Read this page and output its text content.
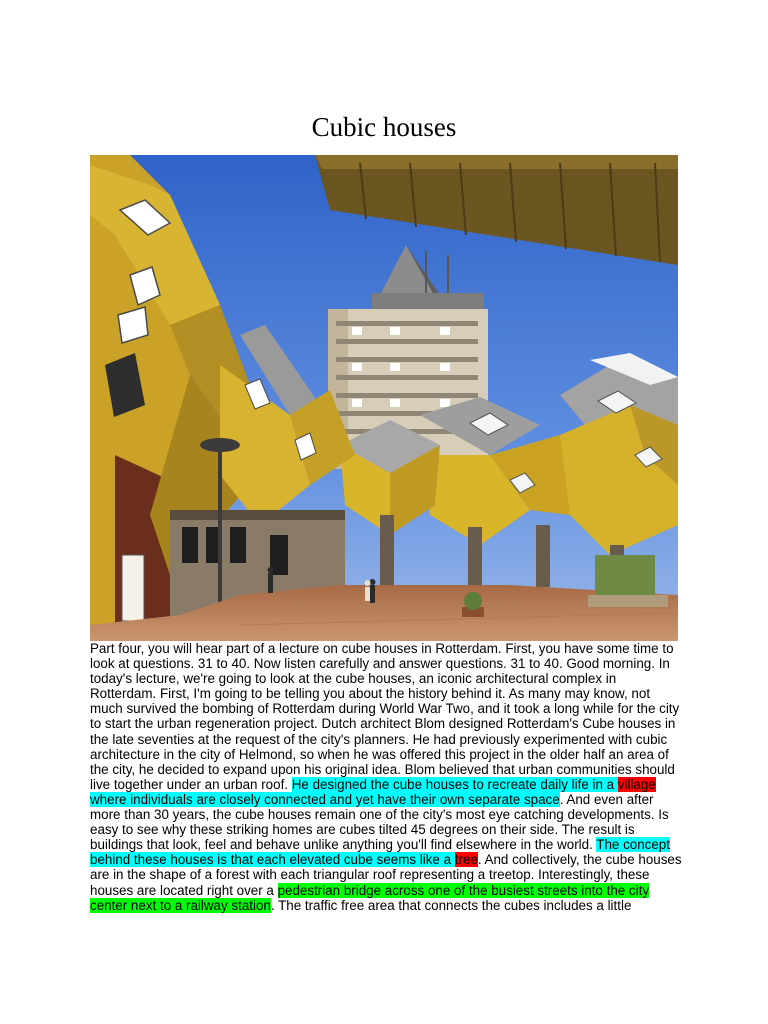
Cubic houses

Part four, you will hear part of a lecture on cube houses in Rotterdam. First, you have some time to look at questions. 31 to 40. Now listen carefully and answer questions. 31 to 40. Good morning. In today's lecture, we're going to look at the cube houses, an iconic architectural complex in Rotterdam. First, I'm going to be telling you about the history behind it. As many may know, not much survived the bombing of Rotterdam during World War Two, and it took a long while for the city to start the urban regeneration project. Dutch architect Blom designed Rotterdam's Cube houses in the late seventies at the request of the city's planners. He had previously experimented with cubic architecture in the city of Helmond, so when he was offered this project in the older half an area of the city, he decided to expand upon his original idea. Blom believed that urban communities should live together under an urban roof. He designed the cube houses to recreate daily life in a village where individuals are closely connected and yet have their own separate space. And even after more than 30 years, the cube houses remain one of the city's most eye catching developments. Is easy to see why these striking homes are cubes tilted 45 degrees on their side. The result is buildings that look, feel and behave unlike anything you'll find elsewhere in the world. The concept behind these houses is that each elevated cube seems like a tree. And collectively, the cube houses are in the shape of a forest with each triangular roof representing a treetop. Interestingly, these houses are located right over a pedestrian bridge across one of the busiest streets into the city center next to a railway station. The traffic free area that connects the cubes includes a little
